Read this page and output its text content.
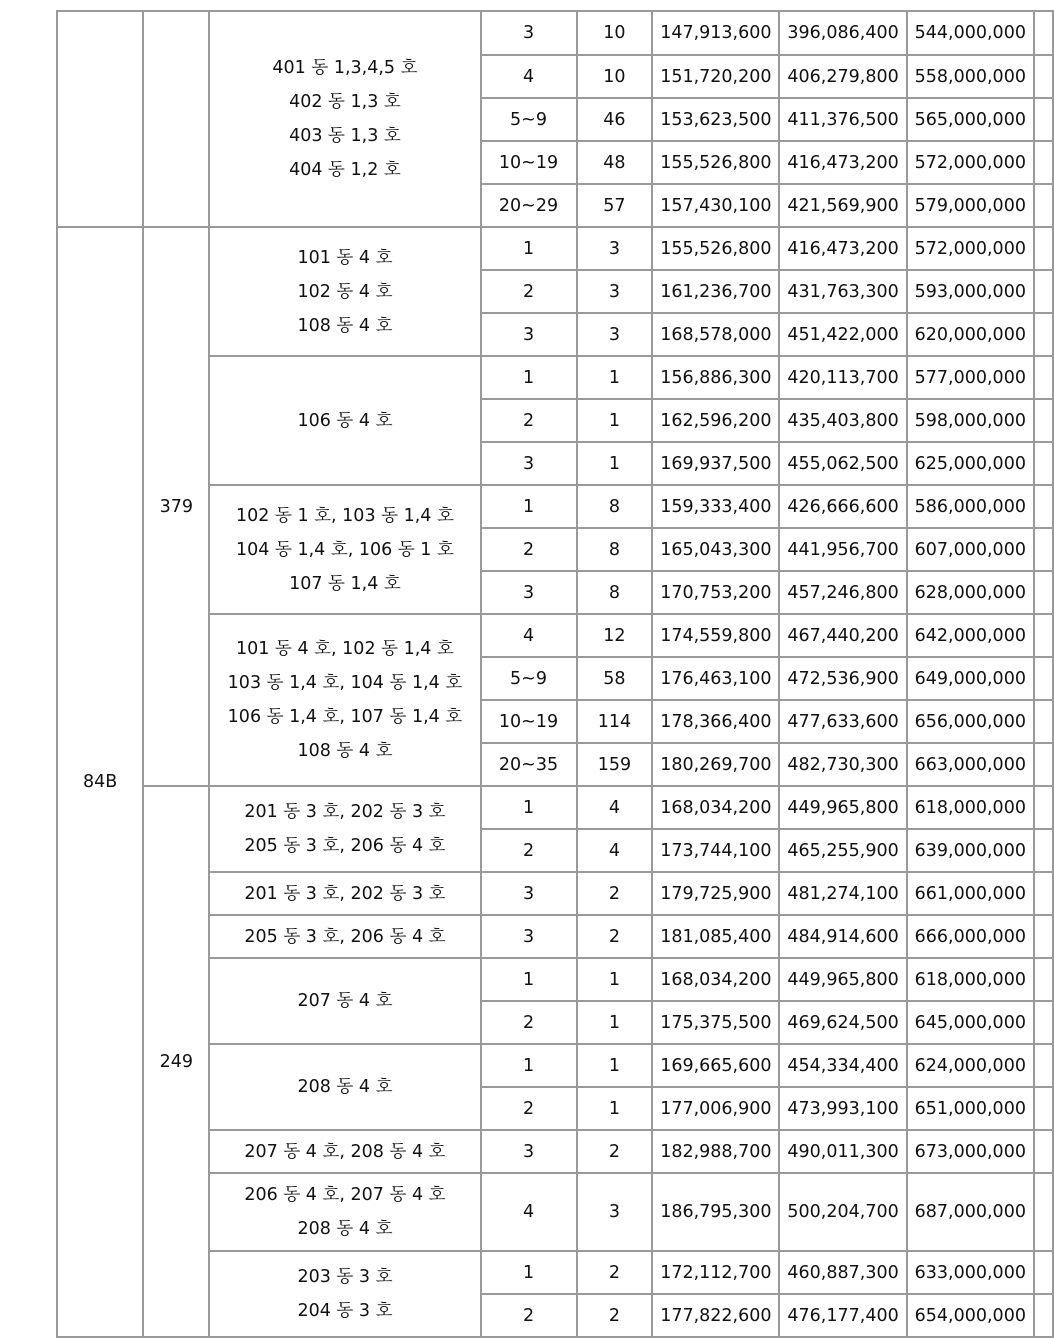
		401 동 1,3,4,5 호
402 동 1,3 호
403 동 1,3 호
404 동 1,2 호	3	10	147,913,600	396,086,400	544,000,000	
			4	10	151,720,200	406,279,800	558,000,000	
			5~9	46	153,623,500	411,376,500	565,000,000	
			10~19	48	155,526,800	416,473,200	572,000,000	
			20~29	57	157,430,100	421,569,900	579,000,000	
84B	379	101 동 4 호
102 동 4 호
108 동 4 호	1	3	155,526,800	416,473,200	572,000,000	
			2	3	161,236,700	431,763,300	593,000,000	
			3	3	168,578,000	451,422,000	620,000,000	

		106 동 4 호	1	1	156,886,300	420,113,700	577,000,000	
			2	1	162,596,200	435,403,800	598,000,000	
			3	1	169,937,500	455,062,500	625,000,000	

		102 동 1 호, 103 동 1,4 호
104 동 1,4 호, 106 동 1 호
107 동 1,4 호	1	8	159,333,400	426,666,600	586,000,000	
			2	8	165,043,300	441,956,700	607,000,000	
			3	8	170,753,200	457,246,800	628,000,000	

		101 동 4 호, 102 동 1,4 호
103 동 1,4 호, 104 동 1,4 호
106 동 1,4 호, 107 동 1,4 호
108 동 4 호	4	12	174,559,800	467,440,200	642,000,000	
			5~9	58	176,463,100	472,536,900	649,000,000	
			10~19	114	178,366,400	477,633,600	656,000,000	
			20~35	159	180,269,700	482,730,300	663,000,000	
	249	201 동 3 호, 202 동 3 호
205 동 3 호, 206 동 4 호	1	4	168,034,200	449,965,800	618,000,000	
			2	4	173,744,100	465,255,900	639,000,000	

		201 동 3 호, 202 동 3 호	3	2	179,725,900	481,274,100	661,000,000	

		205 동 3 호, 206 동 4 호	3	2	181,085,400	484,914,600	666,000,000	

		207 동 4 호	1	1	168,034,200	449,965,800	618,000,000	
			2	1	175,375,500	469,624,500	645,000,000	

		208 동 4 호	1	1	169,665,600	454,334,400	624,000,000	
			2	1	177,006,900	473,993,100	651,000,000	

		207 동 4 호, 208 동 4 호	3	2	182,988,700	490,011,300	673,000,000	

		206 동 4 호, 207 동 4 호
208 동 4 호	4	3	186,795,300	500,204,700	687,000,000	

		203 동 3 호
204 동 3 호	1	2	172,112,700	460,887,300	633,000,000	
			2	2	177,822,600	476,177,400	654,000,000	
